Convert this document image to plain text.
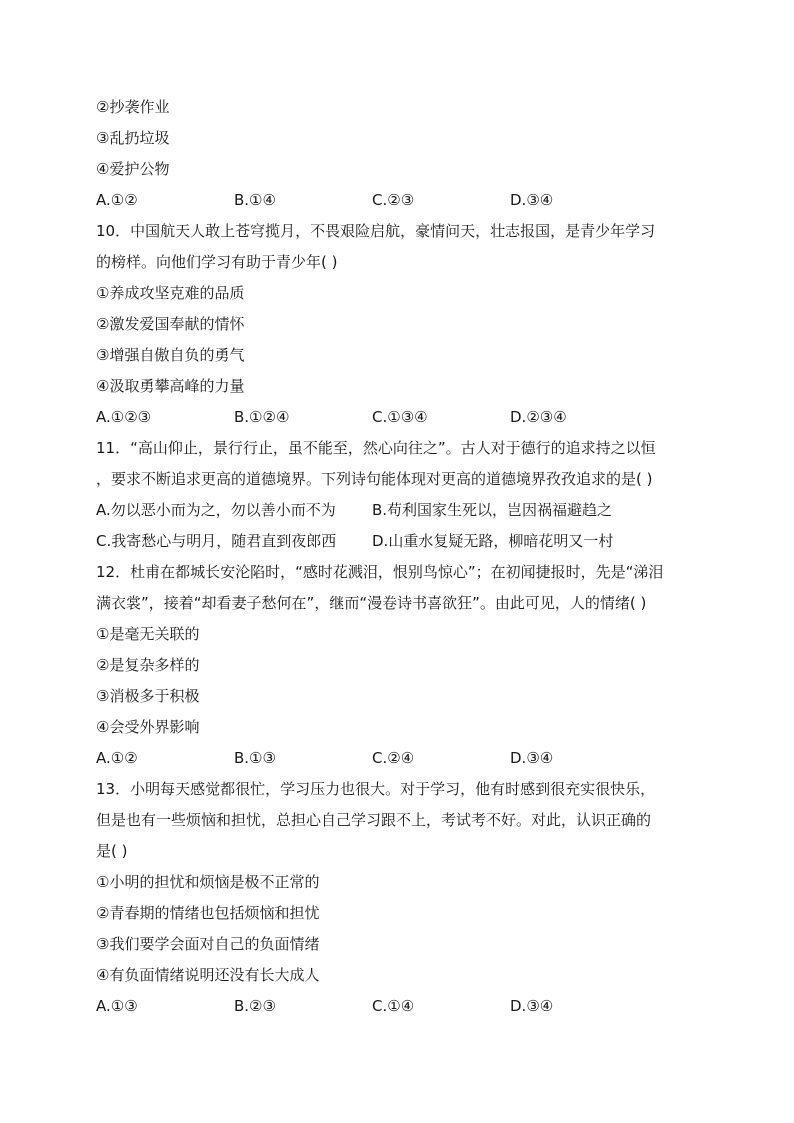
②抄袭作业
③乱扔垃圾
④爱护公物
A.①②	B.①④	C.②③	D.③④
10．中国航天人敢上苍穹揽月，不畏艰险启航，豪情问天，壮志报国，是青少年学习
的榜样。向他们学习有助于青少年( )
①养成攻坚克难的品质
②激发爱国奉献的情怀
③增强自傲自负的勇气
④汲取勇攀高峰的力量
A.①②③	B.①②④	C.①③④	D.②③④
11．“高山仰止，景行行止，虽不能至，然心向往之”。古人对于德行的追求持之以恒
，要求不断追求更高的道德境界。下列诗句能体现对更高的道德境界孜孜追求的是( )
A.勿以恶小而为之，勿以善小而不为	B.苟利国家生死以，岂因祸福避趋之
C.我寄愁心与明月，随君直到夜郎西	D.山重水复疑无路，柳暗花明又一村
12．杜甫在都城长安沦陷时，“感时花溅泪，恨别鸟惊心”；在初闻捷报时，先是“涕泪
满衣裳”，接着“却看妻子愁何在”，继而“漫卷诗书喜欲狂”。由此可见，人的情绪( )
①是毫无关联的
②是复杂多样的
③消极多于积极
④会受外界影响
A.①②	B.①③	C.②④	D.③④
13．小明每天感觉都很忙，学习压力也很大。对于学习，他有时感到很充实很快乐，
但是也有一些烦恼和担忧，总担心自己学习跟不上，考试考不好。对此，认识正确的
是( )
①小明的担忧和烦恼是极不正常的
②青春期的情绪也包括烦恼和担忧
③我们要学会面对自己的负面情绪
④有负面情绪说明还没有长大成人
A.①③	B.②③	C.①④	D.③④
